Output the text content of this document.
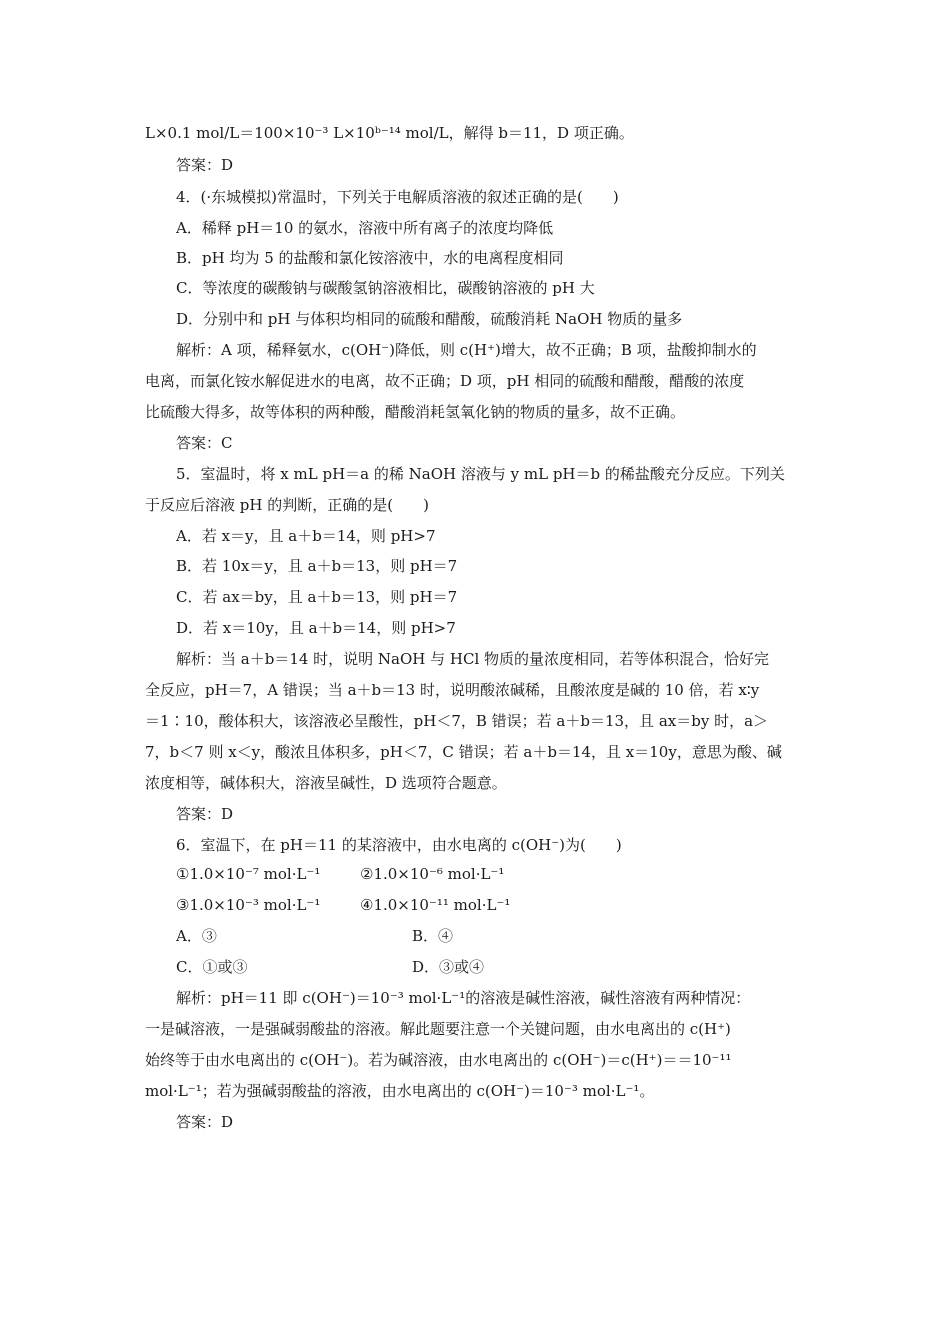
L×0.1 mol/L＝100×10⁻³ L×10ᵇ⁻¹⁴ mol/L，解得 b＝11，D 项正确。
答案：D
4．(·东城模拟)常温时，下列关于电解质溶液的叙述正确的是(　　)
A．稀释 pH＝10 的氨水，溶液中所有离子的浓度均降低
B．pH 均为 5 的盐酸和氯化铵溶液中，水的电离程度相同
C．等浓度的碳酸钠与碳酸氢钠溶液相比，碳酸钠溶液的 pH 大
D．分别中和 pH 与体积均相同的硫酸和醋酸，硫酸消耗 NaOH 物质的量多
解析：A 项，稀释氨水，c(OH⁻)降低，则 c(H⁺)增大，故不正确；B 项，盐酸抑制水的
电离，而氯化铵水解促进水的电离，故不正确；D 项，pH 相同的硫酸和醋酸，醋酸的浓度
比硫酸大得多，故等体积的两种酸，醋酸消耗氢氧化钠的物质的量多，故不正确。
答案：C
5．室温时，将 x mL pH＝a 的稀 NaOH 溶液与 y mL pH＝b 的稀盐酸充分反应。下列关
于反应后溶液 pH 的判断，正确的是(　　)
A．若 x＝y，且 a＋b＝14，则 pH>7
B．若 10x＝y，且 a＋b＝13，则 pH＝7
C．若 ax＝by，且 a＋b＝13，则 pH＝7
D．若 x＝10y，且 a＋b＝14，则 pH>7
解析：当 a＋b＝14 时，说明 NaOH 与 HCl 物质的量浓度相同，若等体积混合，恰好完
全反应，pH＝7，A 错误；当 a＋b＝13 时，说明酸浓碱稀，且酸浓度是碱的 10 倍，若 x∶y
＝1∶10，酸体积大，该溶液必呈酸性，pH＜7，B 错误；若 a＋b＝13，且 ax＝by 时，a＞
7，b＜7 则 x＜y，酸浓且体积多，pH＜7，C 错误；若 a＋b＝14，且 x＝10y，意思为酸、碱
浓度相等，碱体积大，溶液呈碱性，D 选项符合题意。
答案：D
6．室温下，在 pH＝11 的某溶液中，由水电离的 c(OH⁻)为(　　)
①1.0×10⁻⁷ mol·L⁻¹	②1.0×10⁻⁶ mol·L⁻¹
③1.0×10⁻³ mol·L⁻¹	④1.0×10⁻¹¹ mol·L⁻¹
A．③	B．④
C．①或③	D．③或④
解析：pH＝11 即 c(OH⁻)＝10⁻³ mol·L⁻¹的溶液是碱性溶液，碱性溶液有两种情况：
一是碱溶液，一是强碱弱酸盐的溶液。解此题要注意一个关键问题，由水电离出的 c(H⁺)
始终等于由水电离出的 c(OH⁻)。若为碱溶液，由水电离出的 c(OH⁻)＝c(H⁺)＝＝10⁻¹¹
mol·L⁻¹；若为强碱弱酸盐的溶液，由水电离出的 c(OH⁻)＝10⁻³ mol·L⁻¹。
答案：D
